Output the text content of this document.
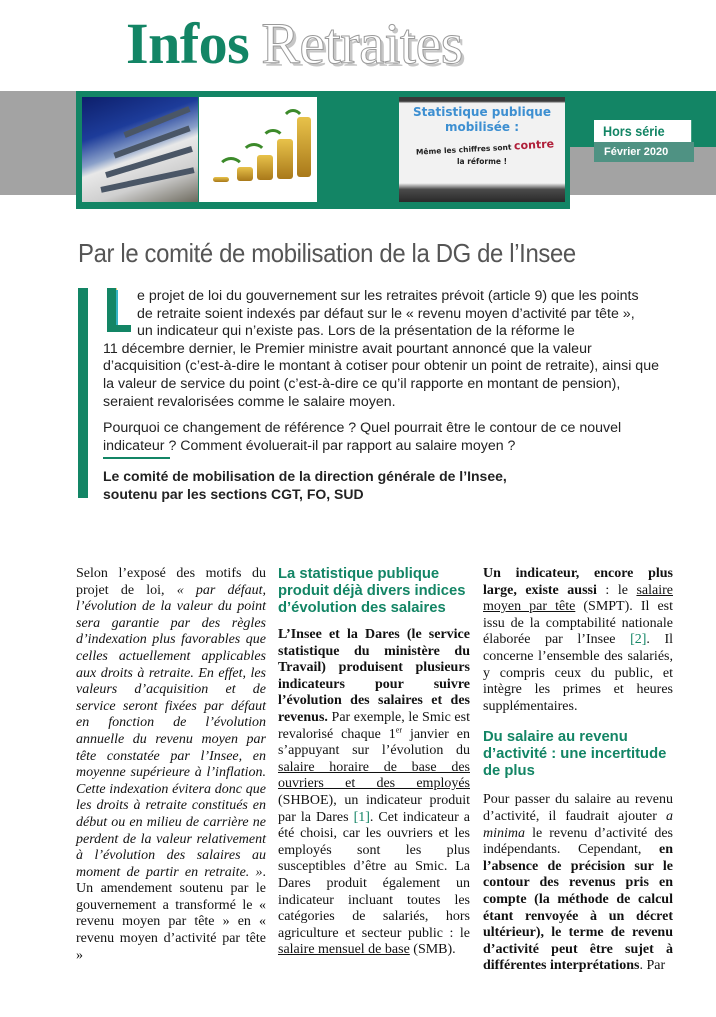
Infos Retraites
Statistique publique
mobilisée :
Même les chiffres sont contre
la réforme !
Hors série
Février 2020
Par le comité de mobilisation de la DG de l’Insee

e projet de loi du gouvernement sur les retraites prévoit (article 9) que les points
de retraite soient indexés par défaut sur le « revenu moyen d’activité par tête »,
un indicateur qui n’existe pas. Lors de la présentation de la réforme le
11 décembre dernier, le Premier ministre avait pourtant annoncé que la valeur d’acquisition (c’est-à-dire le montant à cotiser pour obtenir un point de retraite), ainsi que la valeur de service du point (c’est-à-dire ce qu’il rapporte en montant de pension), seraient revalorisées comme le salaire moyen.

Pourquoi ce changement de référence ? Quel pourrait être le contour de ce nouvel indicateur ? Comment évoluerait-il par rapport au salaire moyen ?

Le comité de mobilisation de la direction générale de l’Insee,
soutenu par les sections CGT, FO, SUD

Selon l’exposé des motifs du projet de loi, « par défaut, l’évolution de la valeur du point sera garantie par des règles d’indexation plus favorables que celles actuellement applicables aux droits à retraite. En effet, les valeurs d’acquisition et de service seront fixées par défaut en fonction de l’évolution annuelle du revenu moyen par tête constatée par l’Insee, en moyenne supérieure à l’inflation. Cette indexation évitera donc que les droits à retraite constitués en début ou en milieu de carrière ne perdent de la valeur relativement à l’évolution des salaires au moment de partir en retraite. ». Un amendement soutenu par le gouvernement a transformé le « revenu moyen par tête » en « revenu moyen d’activité par tête »

La statistique publique produit déjà divers indices d’évolution des salaires

L’Insee et la Dares (le service statistique du ministère du Travail) produisent plusieurs indicateurs pour suivre l’évolution des salaires et des revenus. Par exemple, le Smic est revalorisé chaque 1er janvier en s’appuyant sur l’évolution du salaire horaire de base des ouvriers et des employés (SHBOE), un indicateur produit par la Dares [1]. Cet indicateur a été choisi, car les ouvriers et les employés sont les plus susceptibles d’être au Smic. La Dares produit également un indicateur incluant toutes les catégories de salariés, hors agriculture et secteur public : le salaire mensuel de base (SMB).

Un indicateur, encore plus large, existe aussi : le salaire moyen par tête (SMPT). Il est issu de la comptabilité nationale élaborée par l’Insee [2]. Il concerne l’ensemble des salariés, y compris ceux du public, et intègre les primes et heures supplémentaires.

Du salaire au revenu d’activité : une incertitude de plus

Pour passer du salaire au revenu d’activité, il faudrait ajouter a minima le revenu d’activité des indépendants. Cependant, en l’absence de précision sur le contour des revenus pris en compte (la méthode de calcul étant renvoyée à un décret ultérieur), le terme de revenu d’activité peut être sujet à différentes interprétations. Par
